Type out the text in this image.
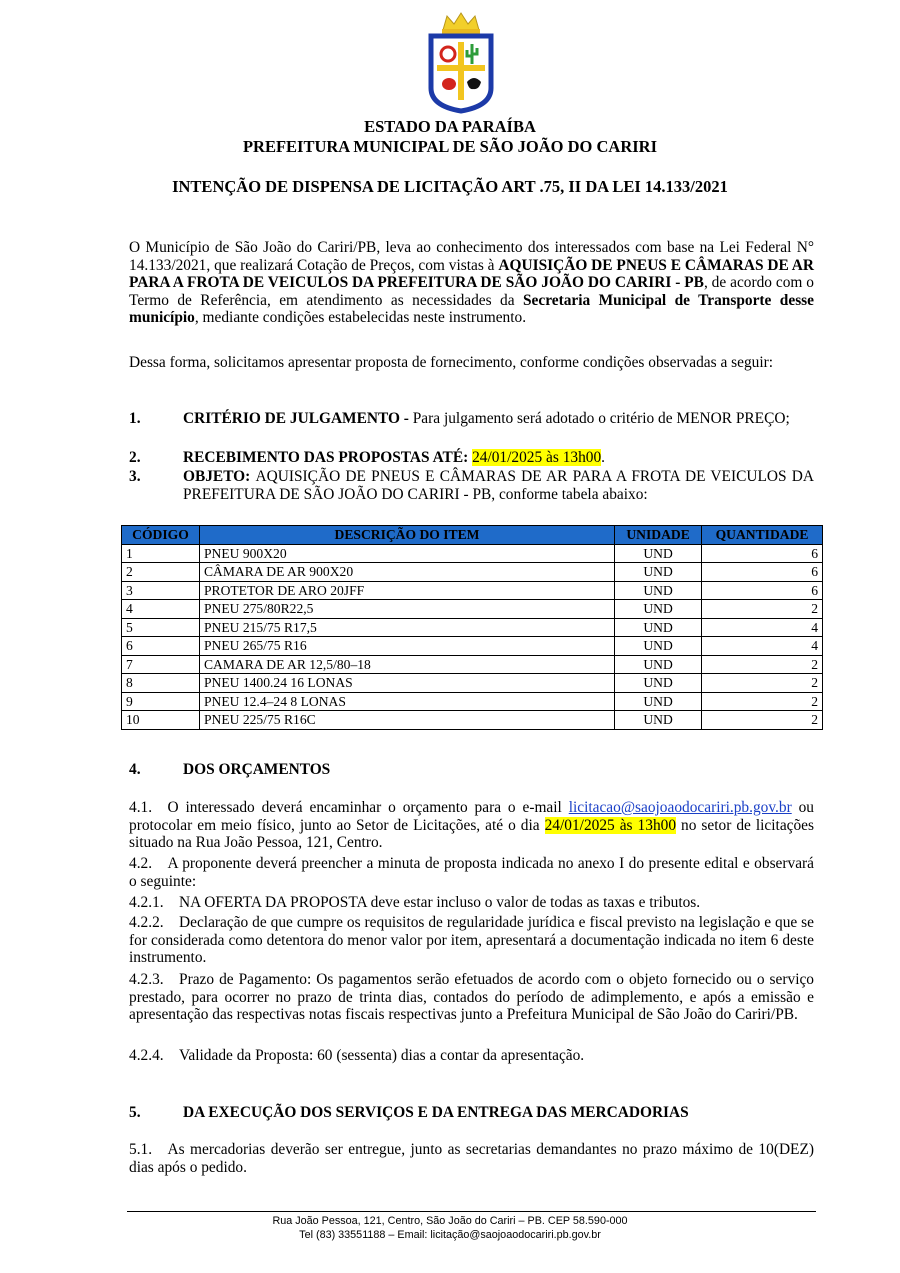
ESTADO DA PARAÍBA
PREFEITURA MUNICIPAL DE SÃO JOÃO DO CARIRI
INTENÇÃO DE DISPENSA DE LICITAÇÃO ART .75, II DA LEI 14.133/2021
O Município de São João do Cariri/PB, leva ao conhecimento dos interessados com base na Lei Federal N° 14.133/2021, que realizará Cotação de Preços, com vistas à AQUISIÇÃO DE PNEUS E CÂMARAS DE AR PARA A FROTA DE VEICULOS DA PREFEITURA DE SÃO JOÃO DO CARIRI - PB, de acordo com o Termo de Referência, em atendimento as necessidades da Secretaria Municipal de Transporte desse município, mediante condições estabelecidas neste instrumento.
Dessa forma, solicitamos apresentar proposta de fornecimento, conforme condições observadas a seguir:
1.	CRITÉRIO DE JULGAMENTO - Para julgamento será adotado o critério de MENOR PREÇO;
2.	RECEBIMENTO DAS PROPOSTAS ATÉ: 24/01/2025 às 13h00.
3.	OBJETO: AQUISIÇÃO DE PNEUS E CÂMARAS DE AR PARA A FROTA DE VEICULOS DA PREFEITURA DE SÃO JOÃO DO CARIRI - PB, conforme tabela abaixo:
CÓDIGO	DESCRIÇÃO DO ITEM	UNIDADE	QUANTIDADE
1	PNEU 900X20	UND	6
2	CÂMARA DE AR 900X20	UND	6
3	PROTETOR DE ARO 20JFF	UND	6
4	PNEU 275/80R22,5	UND	2
5	PNEU 215/75 R17,5	UND	4
6	PNEU 265/75 R16	UND	4
7	CAMARA DE AR 12,5/80–18	UND	2
8	PNEU 1400.24 16 LONAS	UND	2
9	PNEU 12.4–24 8 LONAS	UND	2
10	PNEU 225/75 R16C	UND	2
4.	DOS ORÇAMENTOS
4.1. O interessado deverá encaminhar o orçamento para o e-mail licitacao@saojoaodocariri.pb.gov.br ou protocolar em meio físico, junto ao Setor de Licitações, até o dia 24/01/2025 às 13h00 no setor de licitações situado na Rua João Pessoa, 121, Centro.
4.2. A proponente deverá preencher a minuta de proposta indicada no anexo I do presente edital e observará o seguinte:
4.2.1. NA OFERTA DA PROPOSTA deve estar incluso o valor de todas as taxas e tributos.
4.2.2. Declaração de que cumpre os requisitos de regularidade jurídica e fiscal previsto na legislação e que se for considerada como detentora do menor valor por item, apresentará a documentação indicada no item 6 deste instrumento.
4.2.3. Prazo de Pagamento: Os pagamentos serão efetuados de acordo com o objeto fornecido ou o serviço prestado, para ocorrer no prazo de trinta dias, contados do período de adimplemento, e após a emissão e apresentação das respectivas notas fiscais respectivas junto a Prefeitura Municipal de São João do Cariri/PB.
4.2.4. Validade da Proposta: 60 (sessenta) dias a contar da apresentação.
5.	DA EXECUÇÃO DOS SERVIÇOS E DA ENTREGA DAS MERCADORIAS
5.1. As mercadorias deverão ser entregue, junto as secretarias demandantes no prazo máximo de 10(DEZ) dias após o pedido.
Rua João Pessoa, 121, Centro, São João do Cariri – PB. CEP 58.590-000
Tel (83) 33551188 – Email: licitação@saojoaodocariri.pb.gov.br
